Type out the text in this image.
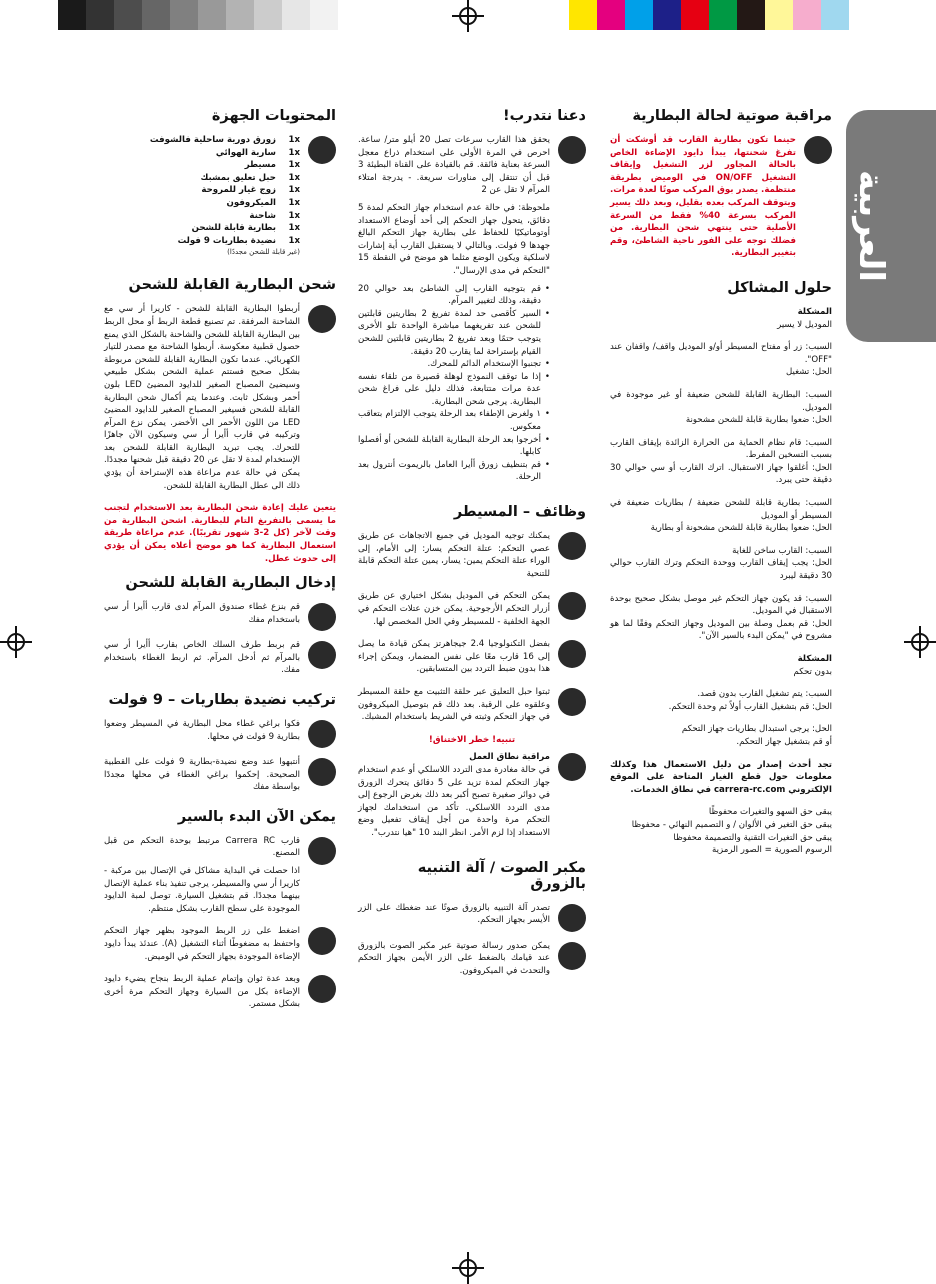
العربية
مراقبة صوتية لحالة البطارية

حينما تكون بطارية القارب قد أوشكت أن تفرغ شحنتها، يبدأ دايود الإضاءة الخاص بالحالة المجاور لزر التشغيل وإيقاف التشغيل ON/OFF في الوميض بطريقة منتظمة. يصدر بوق المركب صوتًا لعدة مرات. ويتوقف المركب بعده بقليل، وبعد ذلك يسير المركب بسرعة 40% فقط من السرعة الأصلية حتى ينتهي شحن البطارية. من فضلك توجه على الفور ناحية الشاطئ، وقم بتغيير البطارية.

حلول المشاكل

المشكلة

الموديل لا يسير

السبب: زر أو مفتاح المسيطر أو/و الموديل واقف/ واقفان عند "OFF".

الحل: تشغيل

السبب: البطارية القابلة للشحن ضعيفة أو غير موجودة في الموديل.

الحل: ضعوا بطارية قابلة للشحن مشحونة

السبب: قام نظام الحماية من الحرارة الزائدة بإيقاف القارب بسبب التسخين المفرط.

الحل: أغلقوا جهاز الاستقبال. اترك القارب أو سي حوالي 30 دقيقة حتى يبرد.

السبب: بطارية قابلة للشحن ضعيفة / بطاريات ضعيفة في المسيطر أو الموديل

الحل: ضعوا بطارية قابلة للشحن مشحونة أو بطارية

السبب: القارب ساخن للغاية

الحل: يجب إيقاف القارب ووحدة التحكم وترك القارب حوالي 30 دقيقة ليبرد

السبب: قد يكون جهاز التحكم غير موصل بشكل صحيح بوحدة الاستقبال في الموديل.

الحل: قم بعمل وصلة بين الموديل وجهاز التحكم وفقًا لما هو مشروح في "يمكن البدء بالسير الآن".

المشكلة

بدون تحكم

السبب: يتم تشغيل القارب بدون قصد.

الحل: قم بتشغيل القارب أولاً ثم وحدة التحكم.

الحل: يرجى استبدال بطاريات جهاز التحكم

أو قم بتشغيل جهاز التحكم.

تجد أحدث إصدار من دليل الاستعمال هذا وكذلك معلومات حول قطع الغيار المتاحة على الموقع الإلكتروني carrera-rc.com في نطاق الخدمات.

يبقى حق السهو والتغيرات محفوظًا

يبقى حق التغير في الألوان / و التصميم النهائي - محفوظا

يبقى حق التغيرات التقنية والتصميمة محفوظا

الرسوم الصورية = الصور الرمزية

دعنا نتدرب!

يحقق هذا القارب سرعات تصل 20 أيلو متر/ ساعة. احرص في المرة الأولى على استخدام ذراع معجل السرعة بعناية فائقة. قم بالقيادة على القناة البطيئة 3 قبل أن تنتقل إلى مناورات سريعة. - يدرجة امتلاء المرآم لا تقل عن 2

ملحوظة: في حالة عدم استخدام جهاز التحكم لمدة 5 دقائق، يتحول جهاز التحكم إلى أحد أوضاع الاستعداد أوتوماتيكيًا للحفاظ على بطارية جهاز التحكم البالغ جهدها 9 فولت. وبالتالي لا يستقبل القارب أية إشارات لاسلكية ويكون الوضع مثلما هو موضح في النقطة 15 "التحكم في مدى الإرسال".

• قم بتوجيه القارب إلى الشاطئ بعد حوالي 20 دقيقة، وذلك لتغيير المرآم.
• السير كأقصى حد لمدة تفريغ 2 بطاريتين قابلتين للشحن عند تفريغهما مباشرة الواحدة تلو الأخرى يتوجب حتمًا وبعد تفريغ 2 بطاريتين قابلتين للشحن القيام بإستراحة لما يقارب 20 دقيقة.
• تجنبوا الإستخدام الدائم للمحرك.
• إذا ما توقف النموذج لوهلة قصيرة من تلقاء نفسه عدة مرات متتابعة، فذلك دليل على فراغ شحن البطارية. يرجى شحن البطارية.
• ١ ولغرض الإطفاء بعد الرحلة يتوجب الإلتزام بتعاقب معكوس.
• أخرجوا بعد الرحلة البطارية القابلة للشحن أو أفصلوا كابلها.
• قم بتنظيف زورق أأيرا العامل بالريموت أنترول بعد الرحلة.
وظائف – المسيطر

يمكنك توجيه الموديل في جميع الاتجاهات عن طريق عصي التحكم: عتلة التحكم يسار: إلى الأمام، إلى الوراء عتلة التحكم يمين: يسار، يمين عتلة التحكم قابلة للتنحية

يمكن التحكم في الموديل بشكل اختياري عن طريق أزرار التحكم الأرجوحية. يمكن خزن عتلات التحكم في الجهة الخلفية - للمسيطر وفي الحل المخصص لها.

بفضل التكنولوجيا 2.4 جيجاهرتز يمكن قيادة ما يصل إلى 16 قارب معًا على نفس المضمار، ويمكن إجراء هذا بدون ضبط التردد بين المتسابقين.

ثبتوا حبل التعليق عبر حلقة التثبيت مع حلقة المسيطر وعلقوه على الرقبة. بعد ذلك قم بتوصيل الميكروفون في جهاز التحكم وثبته في الشريط باستخدام المشبك.

تنبيه! خطر الاختناق!

مراقبة نطاق العمل

في حالة مغادرة مدى التردد اللاسلكي أو عدم استخدام جهاز التحكم لمدة تزيد على 5 دقائق يتحرك الزورق في دوائر صغيرة تصبح أكبر بعد ذلك بغرض الرجوع إلى مدى التردد اللاسلكي. تأكد من استخدامك لجهاز التحكم مرة واحدة من أجل إيقاف تفعيل وضع الاستعداد إذا لزم الأمر. انظر البند 10 "هيا نتدرب".

مكبر الصوت / آلة التنبيه بالزورق

تصدر آلة التنبيه بالزورق صوتًا عند ضغطك على الزر الأيسر بجهاز التحكم.

يمكن صدور رسالة صوتية عبر مكبر الصوت بالزورق عند قيامك بالضغط على الزر الأيمن بجهاز التحكم والتحدث في الميكروفون.

المحتويات الجهزة
1x
زورق دورية ساحلية فالشوفت
1x
سارية الهوائي
1x
مسيطر
1x
حبل تعليق بمشبك
1x
زوج غيار للمروحة
1x
الميكروفون
1x
شاحنة
1x
بطارية قابلة للشحن
1x
نضيدة بطاريات 9 فولت

(غير قابلة للشحن مجددًا)

شحن البطارية القابلة للشحن

أربطوا البطارية القابلة للشحن - كاريرا أر سي مع الشاحنة المرفقة. تم تصنيع قطعة الربط أو محل الربط بين البطارية القابلة للشحن والشاحنة بالشكل الذي يمنع حصول قطبية معكوسة. أربطوا الشاحنة مع مصدر للتيار الكهربائي. عندما تكون البطارية القابلة للشحن مربوطة بشكل صحيح فستتم عملية الشحن بشكل طبيعي وسيضيئ المصباح الصغير للدايود المضيئ LED بلون أحمر وبشكل ثابت. وعندما يتم أكمال شحن البطارية القابلة للشحن فسيغير المصباح الصغير للدايود المضيئ LED من اللون الأحمر الى الأخضر. يمكن نزع المرآم وتركيبه في قارب أأيرا أر سي وسيكون الآن جاهزًا للتحرك. يجب تبريد البطارية القابلة للشحن بعد الإستخدام لمدة لا تقل عن 20 دقيقة قبل شحنها مجددًا. يمكن في حالة عدم مراعاة هذه الإستراحة أن يؤدي ذلك الى عطل البطارية القابلة للشحن.

يتعين عليك إعادة شحن البطارية بعد الاستخدام لتجنب ما يسمى بالتفريغ التام للبطارية. اشحن البطارية من وقت لآخر (كل 2-3 شهور تقريبًا). عدم مراعاة طريقة استعمال البطارية كما هو موضح أعلاه يمكن أن يؤدي إلى حدوث عطل.

إدخال البطارية القابلة للشحن

قم بنزع غطاء صندوق المرآم لدى قارب أأيرا أر سي باستخدام مفك

قم بربط طرف السلك الخاص بقارب أأيرا أر سي بالمرآم ثم أدخل المرآم. ثم اربط الغطاء باستخدام مفك.

تركيب نضيدة بطاريات – 9 فولت

فكوا براغي غطاء محل البطارية في المسيطر وضعوا بطارية 9 فولت في محلها.

أنتبهوا عند وضع نضيدة-بطارية 9 فولت على القطبية الصحيحة. إحكموا براغي الغطاء في محلها مجددًا بواسطة مفك

يمكن الآن البدء بالسير

قارب Carrera RC مرتبط بوحدة التحكم من قبل المصنع.

اذا حصلت في البداية مشاكل في الإتصال بين مركبة - كاريرا أر سي والمسيطر، يرجى تنفيذ بناء عملية الإتصال بينهما مجددًا. قم بتشغيل السيارة. توصل لمبة الدايود الموجودة على سطح القارب بشكل منتظم.

اضغط على زر الربط الموجود بظهر جهاز التحكم واحتفظ به مضغوطًا أثناء التشغيل (A). عندئذ يبدأ دايود الإضاءة الموجودة بجهاز التحكم في الوميض.

وبعد عدة ثوان وإتمام عملية الربط بنجاح يضيء دايود الإضاءة بكل من السيارة وجهاز التحكم مرة أخرى بشكل مستمر.
